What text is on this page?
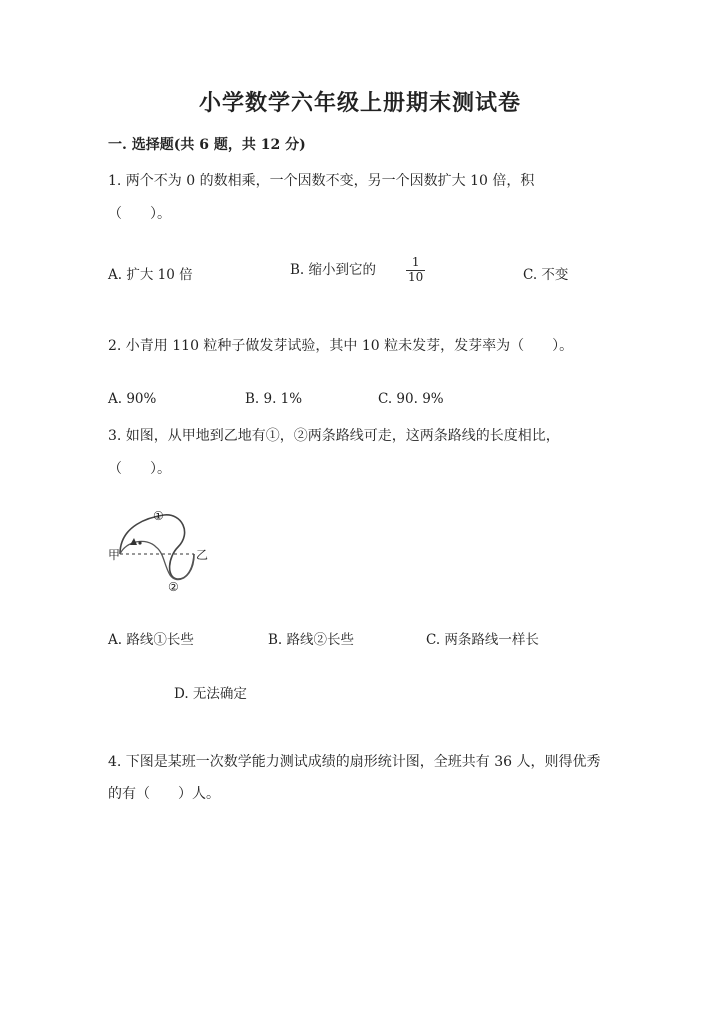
小学数学六年级上册期末测试卷
一. 选择题(共 6 题，共 12 分)
1. 两个不为 0 的数相乘，一个因数不变，另一个因数扩大 10 倍，积
（　　）。
A. 扩大 10 倍	B. 缩小到它的	$\frac{1}{10}$	C. 不变
2. 小青用 110 粒种子做发芽试验，其中 10 粒未发芽，发芽率为（　　）。
A. 90%	B. 9. 1%	C. 90. 9%
3. 如图，从甲地到乙地有①，②两条路线可走，这两条路线的长度相比，
（　　）。
甲	乙
①
②
A. 路线①长些	B. 路线②长些	C. 两条路线一样长
D. 无法确定
4. 下图是某班一次数学能力测试成绩的扇形统计图，全班共有 36 人，则得优秀
的有（　　）人。
